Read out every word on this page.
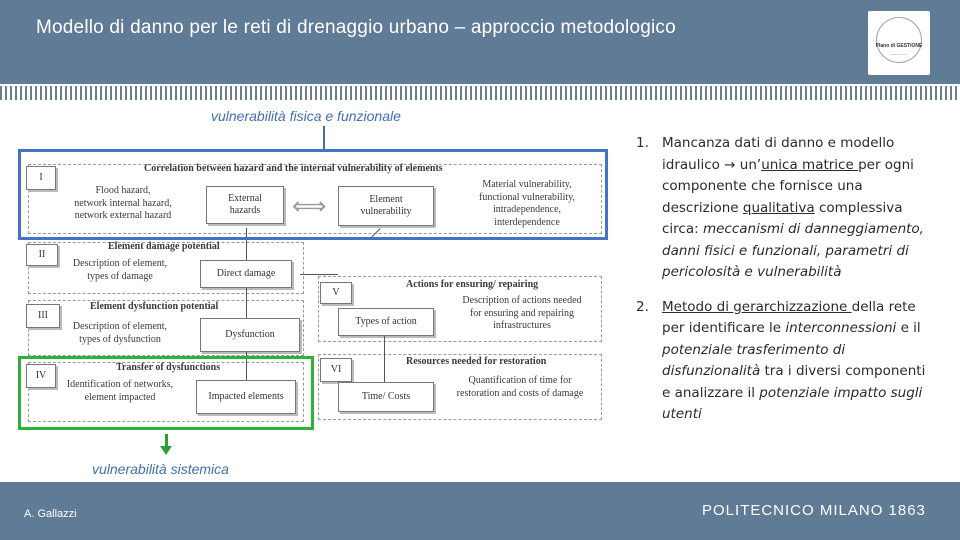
Modello di danno per le reti di drenaggio urbano – approccio metodologico
PIano di GESTIONE
—— ——
vulnerabilità fisica e funzionale
I
Correlation between hazard and the internal vulnerability of elements
Flood hazard,
network internal hazard,
network external hazard
External
hazards	⟺	Element
vulnerability
Material vulnerability,
functional vulnerability,
intradependence,
interdependence
II
Element damage potential
Description of element,
types of damage	Direct damage
III
Element dysfunction potential
Description of element,
types of dysfunction	Dysfunction
IV
Transfer of dysfunctions
Identification of networks,
element impacted	Impacted elements
V
Actions for ensuring/ repairing
Types of action
Description of actions needed
for ensuring and repairing
infrastructures
VI
Resources needed for restoration
Time/ Costs
Quantification of time for
restoration and costs of damage
vulnerabilità sistemica
1. Mancanza dati di danno e modello idraulico → un’unica matrice per ogni componente che fornisce una descrizione qualitativa complessiva circa: meccanismi di danneggiamento, danni fisici e funzionali, parametri di pericolosità e vulnerabilità
2. Metodo di gerarchizzazione della rete per identificare le interconnessioni e il potenziale trasferimento di disfunzionalità tra i diversi componenti e analizzare il potenziale impatto sugli utenti
A. Gallazzi	POLITECNICO MILANO 1863
